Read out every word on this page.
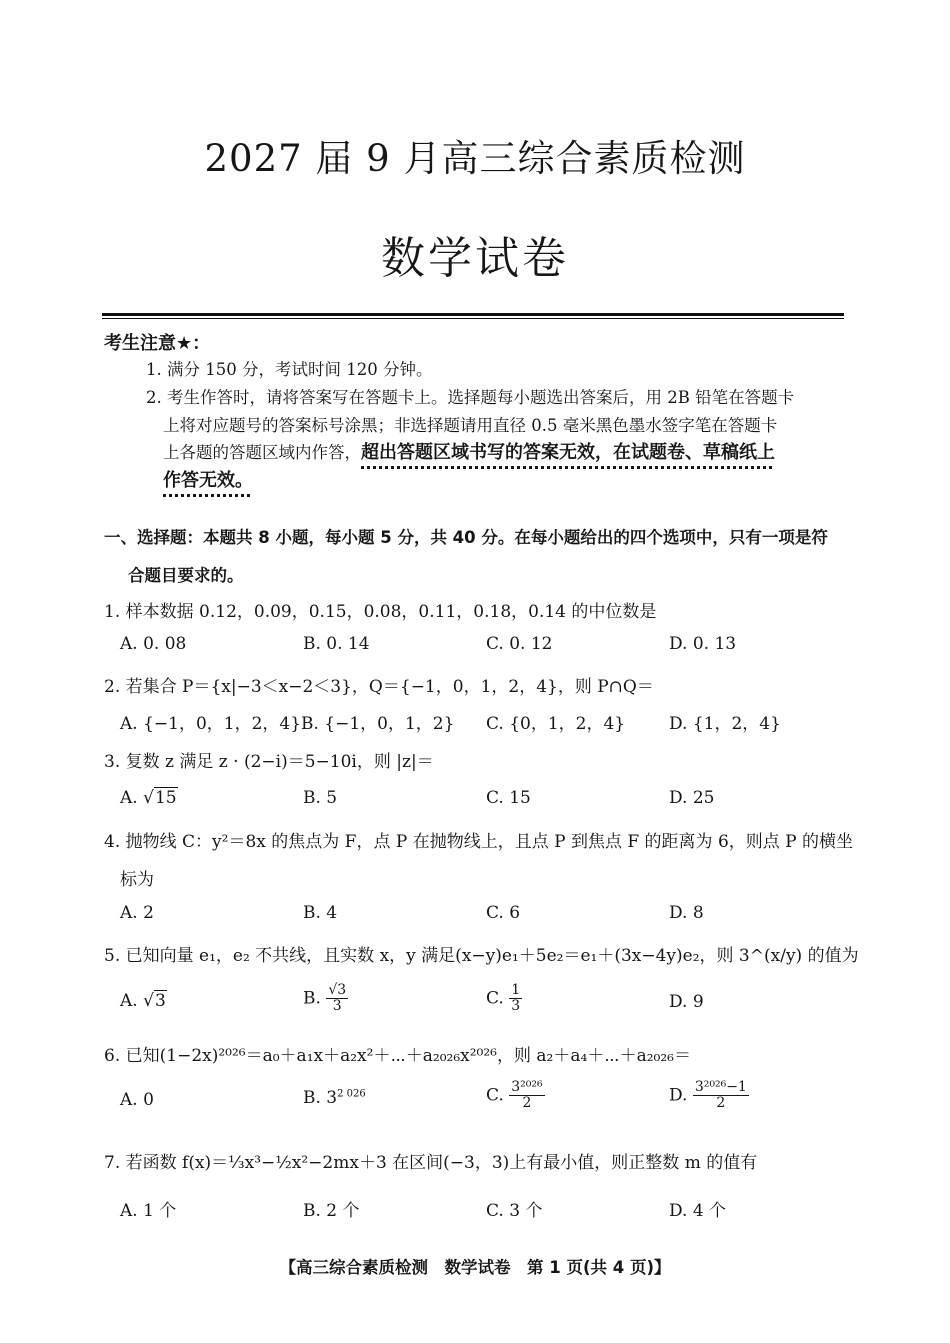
2027 届 9 月高三综合素质检测
数学试卷
考生注意★：
1. 满分 150 分，考试时间 120 分钟。
2. 考生作答时，请将答案写在答题卡上。选择题每小题选出答案后，用 2B 铅笔在答题卡
上将对应题号的答案标号涂黑；非选择题请用直径 0.5 毫米黑色墨水签字笔在答题卡
上各题的答题区域内作答，超出答题区域书写的答案无效，在试题卷、草稿纸上
作答无效。
一、选择题：本题共 8 小题，每小题 5 分，共 40 分。在每小题给出的四个选项中，只有一项是符
合题目要求的。
1. 样本数据 0.12，0.09，0.15，0.08，0.11，0.18，0.14 的中位数是
A. 0. 08	B. 0. 14	C. 0. 12	D. 0. 13
2. 若集合 P＝{x|−3＜x−2＜3}，Q＝{−1，0，1，2，4}，则 P∩Q＝
A. {−1，0，1，2，4} B. {−1，0，1，2} C. {0，1，2，4}	D. {1，2，4}
3. 复数 z 满足 z · (2−i)＝5−10i，则 |z|＝
A. √15	B. 5	C. 15	D. 25
4. 抛物线 C：y²＝8x 的焦点为 F，点 P 在抛物线上，且点 P 到焦点 F 的距离为 6，则点 P 的横坐
标为
A. 2	B. 4	C. 6	D. 8
5. 已知向量 e₁，e₂ 不共线，且实数 x，y 满足(x−y)e₁＋5e₂＝e₁＋(3x−4y)e₂，则 3^(x/y) 的值为
A. √3	B. $\frac{√3}{3}$	C. $\frac{1}{3}$	D. 9
6. 已知(1−2x)²⁰²⁶＝a₀＋a₁x＋a₂x²＋⋯＋a₂₀₂₆x²⁰²⁶，则 a₂＋a₄＋⋯＋a₂₀₂₆＝
A. 0	B. $3^{2 026}$	C. $\frac{\text{3²⁰²⁶}}{2}$	D. $\frac{\text{3²⁰²⁶−1}}{2}$
7. 若函数 f(x)＝⅓x³−½x²−2mx＋3 在区间(−3，3)上有最小值，则正整数 m 的值有
A. 1 个	B. 2 个	C. 3 个	D. 4 个
【高三综合素质检测　数学试卷　第 1 页(共 4 页)】
